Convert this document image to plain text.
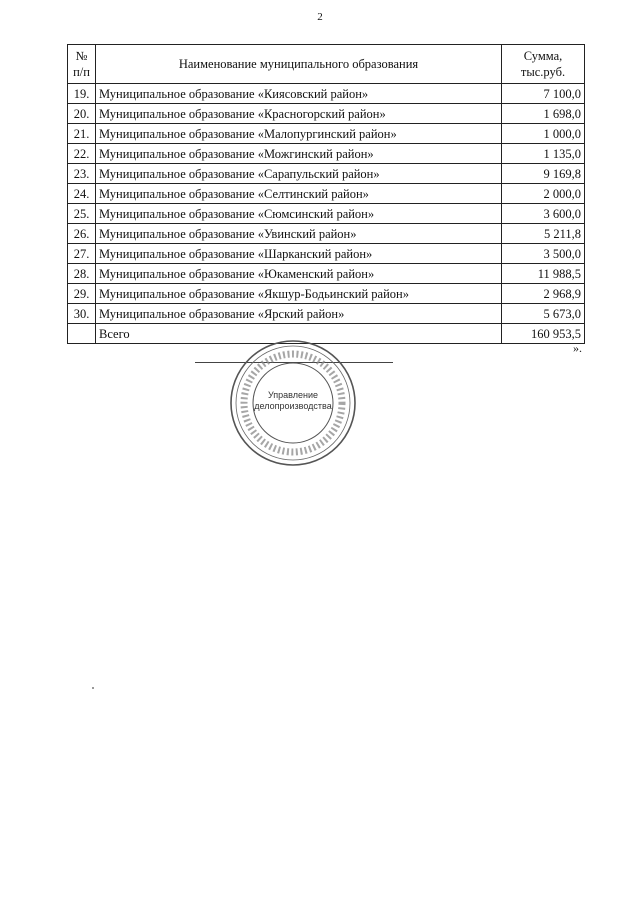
2
№ п/п	Наименование муниципального образования	Сумма, тыс.руб.
19.	Муниципальное образование «Киясовский район»	7 100,0
20.	Муниципальное образование «Красногорский район»	1 698,0
21.	Муниципальное образование «Малопургинский район»	1 000,0
22.	Муниципальное образование «Можгинский район»	1 135,0
23.	Муниципальное образование «Сарапульский район»	9 169,8
24.	Муниципальное образование «Селтинский район»	2 000,0
25.	Муниципальное образование «Сюмсинский район»	3 600,0
26.	Муниципальное образование «Увинский район»	5 211,8
27.	Муниципальное образование «Шарканский район»	3 500,0
28.	Муниципальное образование «Юкаменский район»	11 988,5
29.	Муниципальное образование «Якшур-Бодьинский район»	2 968,9
30.	Муниципальное образование «Ярский район»	5 673,0
	Всего	160 953,5
».
Управление
делопроизводства
